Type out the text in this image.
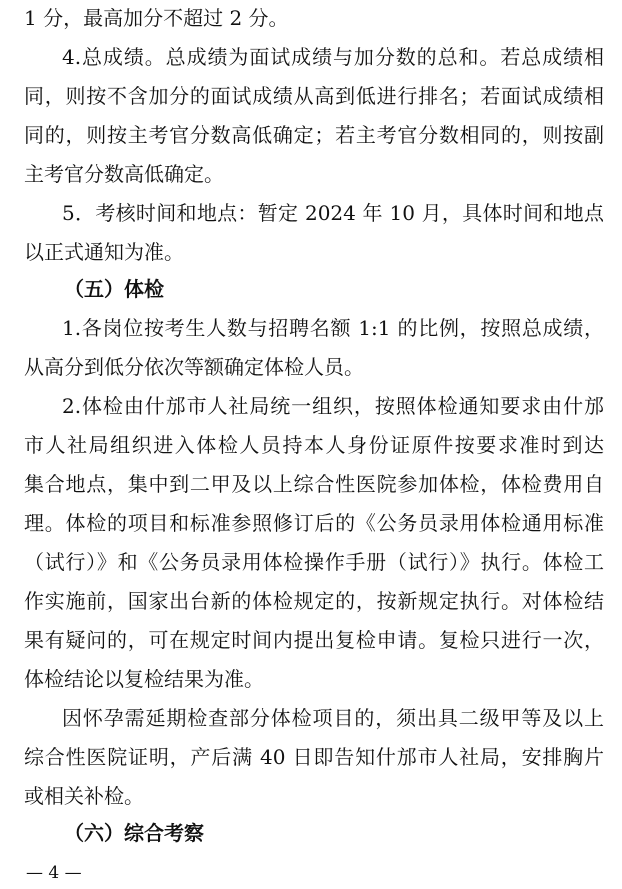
1 分，最高加分不超过 2 分。
4.总成绩。总成绩为面试成绩与加分数的总和。若总成绩相
同，则按不含加分的面试成绩从高到低进行排名；若面试成绩相
同的，则按主考官分数高低确定；若主考官分数相同的，则按副
主考官分数高低确定。
5．考核时间和地点：暂定 2024 年 10 月，具体时间和地点
以正式通知为准。
（五）体检
1.各岗位按考生人数与招聘名额 1:1 的比例，按照总成绩，
从高分到低分依次等额确定体检人员。
2.体检由什邡市人社局统一组织，按照体检通知要求由什邡
市人社局组织进入体检人员持本人身份证原件按要求准时到达
集合地点，集中到二甲及以上综合性医院参加体检，体检费用自
理。体检的项目和标准参照修订后的《公务员录用体检通用标准
（试行）》和《公务员录用体检操作手册（试行）》执行。体检工
作实施前，国家出台新的体检规定的，按新规定执行。对体检结
果有疑问的，可在规定时间内提出复检申请。复检只进行一次，
体检结论以复检结果为准。
因怀孕需延期检查部分体检项目的，须出具二级甲等及以上
综合性医院证明，产后满 40 日即告知什邡市人社局，安排胸片
或相关补检。
（六）综合考察
— 4 —
